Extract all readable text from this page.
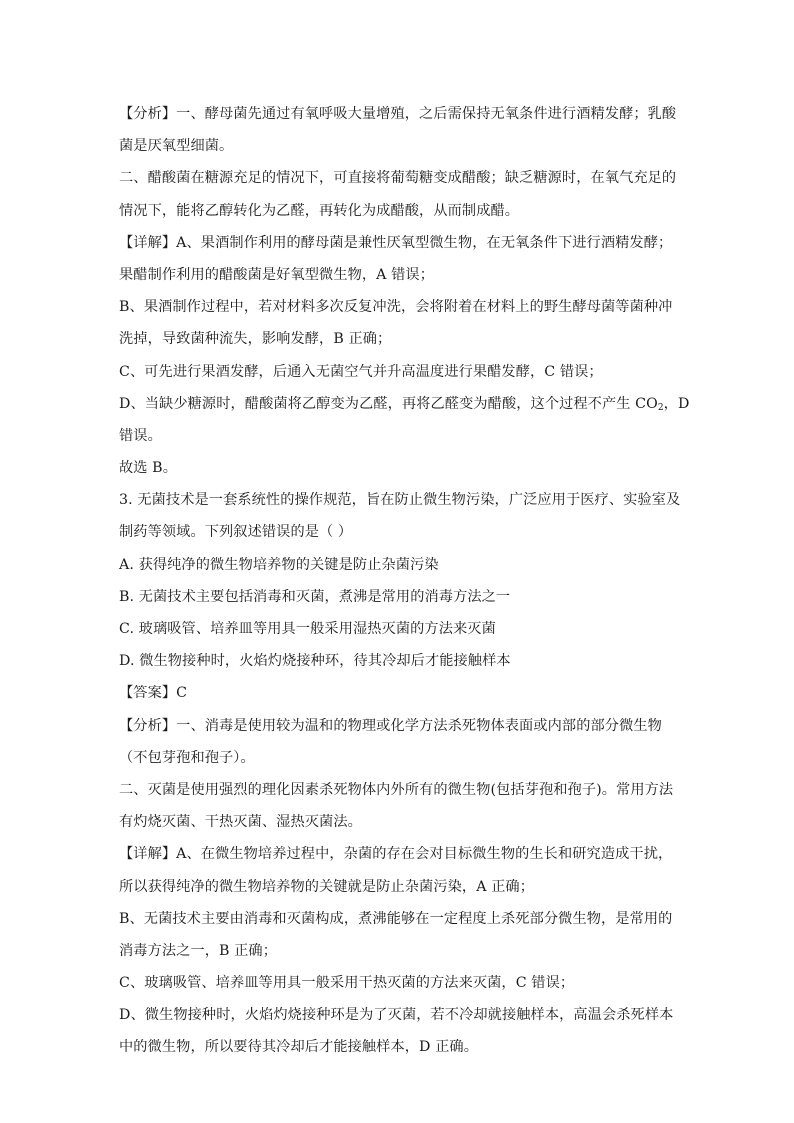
【分析】一、酵母菌先通过有氧呼吸大量增殖，之后需保持无氧条件进行酒精发酵；乳酸
菌是厌氧型细菌。
二、醋酸菌在糖源充足的情况下，可直接将葡萄糖变成醋酸；缺乏糖源时，在氧气充足的
情况下，能将乙醇转化为乙醛，再转化为成醋酸，从而制成醋。
【详解】A、果酒制作利用的酵母菌是兼性厌氧型微生物，在无氧条件下进行酒精发酵；
果醋制作利用的醋酸菌是好氧型微生物，A 错误；
B、果酒制作过程中，若对材料多次反复冲洗，会将附着在材料上的野生酵母菌等菌种冲
洗掉，导致菌种流失，影响发酵，B 正确；
C、可先进行果酒发酵，后通入无菌空气并升高温度进行果醋发酵，C 错误；
D、当缺少糖源时，醋酸菌将乙醇变为乙醛，再将乙醛变为醋酸，这个过程不产生 $CO_2$，D
错误。
故选 B。
3. 无菌技术是一套系统性的操作规范，旨在防止微生物污染，广泛应用于医疗、实验室及
制药等领域。下列叙述错误的是（ ）
A. 获得纯净的微生物培养物的关键是防止杂菌污染
B. 无菌技术主要包括消毒和灭菌，煮沸是常用的消毒方法之一
C. 玻璃吸管、培养皿等用具一般采用湿热灭菌的方法来灭菌
D. 微生物接种时，火焰灼烧接种环，待其冷却后才能接触样本
【答案】C
【分析】一、消毒是使用较为温和的物理或化学方法杀死物体表面或内部的部分微生物
（不包芽孢和孢子）。
二、灭菌是使用强烈的理化因素杀死物体内外所有的微生物(包括芽孢和孢子)。常用方法
有灼烧灭菌、干热灭菌、湿热灭菌法。
【详解】A、在微生物培养过程中，杂菌的存在会对目标微生物的生长和研究造成干扰，
所以获得纯净的微生物培养物的关键就是防止杂菌污染，A 正确；
B、无菌技术主要由消毒和灭菌构成，煮沸能够在一定程度上杀死部分微生物，是常用的
消毒方法之一，B 正确；
C、玻璃吸管、培养皿等用具一般采用干热灭菌的方法来灭菌，C 错误；
D、微生物接种时，火焰灼烧接种环是为了灭菌，若不冷却就接触样本，高温会杀死样本
中的微生物，所以要待其冷却后才能接触样本，D 正确。
